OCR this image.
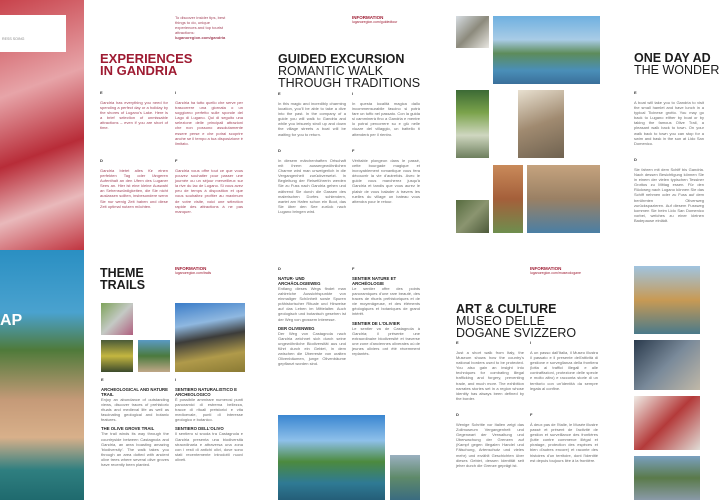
RESS SOING
AP
To discover insider tips, best things to do, unique experiences and top tourist attractions:
luganoregion.com/gandria
EXPERIENCES
IN GANDRIA
E
Gandria has everything you need for spending a perfect day or a holiday by the shores of Lugano's Lake. Here is a brief selection of unmissable attractions – even if you are short of time.
I
Gandria ha tutto quello che serve per trascorrere una giornata o un soggiorno perfetto sulle sponde del Lago di Lugano. Qui di seguito una selezione delle principali attrazioni che non possono assolutamente essere perse e che potrai scoprire anche se il tempo a tua disposizione è limitato.
D
Gandria bietet alles für einen perfekten Tag oder längeren Aufenthalt an den Ufern des Luganer Sees an. Hier ist eine kleine Auswahl an Sehenswürdigkeiten, die Sie nicht auslassen sollten, insbesondere wenn Sie nur wenig Zeit haben und diese Zeit optimal nutzen möchten.
F
Gandria vous offre tout ce que vous pouvez souhaiter pour passer une journée ou un séjour merveilleux sur la rive du lac de Lugano. Si vous avez peu de temps à disposition et que vous souhaitez profiter au maximum de votre visite, voici une sélection rapide des attractions à ne pas manquer.
INFORMATION
luganoregion.com/guidedtour
GUIDED EXCURSION
ROMANTIC WALK
THROUGH TRADITIONS
E
In this magic and incredibly charming location, you'll be able to take a dive into the past. In the company of a guide you will walk to Gandria and while you leisurely stroll up and down the village streets a boat will be waiting for you to return.
I
In questa località magica dallo incommensurabile fascino si potrà fare un tuffo nel passato. Con la guida si camminerà fino a Gandria e mentre lo potrai percorrere su e giù nelle viuzze del villaggio, un battello ti attenderà per il rientro.
D
In diesem märchenhaften Ortschaft mit ihrem aussergewöhnlichen Charme wird man unweigerlich in die Vergangenheit zurückversetzt. In Begleitung der Reiseführerin werden Sie zu Fuss nach Gandria gehen und während Sie durch die Gassen des malerischen Dorfes schlendern, wartet am Hafen schon ein Boot, das Sie über den See zurück nach Lugano bringen wird.
F
Véritable plongeon dans le passé, cette bourgade magique et incroyablement romantique vous fera découvrir la vie d'autrefois. Avec le guide vous marcherez jusqu'à Gandria et tandis que vous aurez le plaisir de vous balader à travers les ruelles du village un bateau vous attendra pour le retour.
ONE DAY AD
THE WONDER
E
A boat will take you to Gandria to visit the small hamlet and have lunch in a typical Ticinese grotto. You may go back to Lugano either by boat or by taking the famous Olive Trail, a pleasant walk back to town. On your walk back to town you can stop for a swim and bask in the sun at Lido San Domenico.
D
Sie fahren mit dem Schiff bis Gandria. Nach dessen Besichtigung können Sie in einem der vielen typischen Tessiner Grottos zu Mittag essen. Für den Rückweg nach Lugano können Sie das Schiff nehmen oder zu Fuss auf dem berühmten Olivenweg zurückspazieren. Auf diesem Fussweg kommen Sie beim Lido San Domenico vorbei, welches zu einer kleinen Badepause einlädt.
THEME
TRAILS
INFORMATION
luganoregion.com/trails
E
ARCHEOLOGICAL AND NATURE TRAIL
Enjoy an abundance of outstanding views, discover traces of prehistoric rituals and medieval life as well as fascinating geological and botanic features.
THE OLIVE GROVE TRAIL
The trail winds its way through the countryside between Castagnola and Gandria, an area boasting amazing 'biodiversity'. The walk takes you through an area dotted with ancient olive trees where several olive groves have recently been planted.
I
SENTIERO NATURALISTICO E ARCHEOLOGICO
È possibile ammirare numerosi punti panoramici di estrema bellezza, tracce di rituali preistorici e vita medioevale, punti di interesse geologico e botanico.
SENTIERO DELL'OLIVO
Il sentiero si snoda tra Castagnola e Gandria presenta una biodiversità straordinaria e attraversa una zona con i resti di antichi olivi, dove sono stati recentemente introdotti nuovi oliveti.
D
NATUR- UND ARCHÄOLOGIEWEG
Entlang dieses Wegs findet man zahlreiche Aussichtspunkte von einmaliger Schönheit sowie Spuren prähistorischer Rituale und Hinweise auf das Leben im Mittelalter. Auch geologisch und botanisch gesehen ist der Weg von grossem Interesse.
DER OLIVENWEG
Der Weg von Castagnola nach Gandria zeichnet sich durch seine ungewöhnliche Biodiversität aus und führt durch ein Gebiet, in dem zwischen die Überreste von uralten Olivenbäumen, junge Olivenbäume gepflanzt worden sind.
F
SENTIER NATURE ET ARCHÉOLOGIE
Le sentier offre des points panoramiques d'une rare beauté, des traces de rituels préhistoriques et de vie moyenâgeuse, et des éléments géologiques et botaniques de grand intérêt.
SENTIER DE L'OLIVIER
Le sentier va de Castagnola à Gandria; il présente une extraordinaire biodiversité et traverse une zone d'anciennes oliveraies où de jeunes oliviers ont été récemment replantés.
INFORMATION
luganoregion.com/museodogane
ART & CULTURE
MUSEO DELLE
DOGANE SVIZZERO
E
Just a short walk from Italy, the Museum shows how the country's national borders used to be protected. You also gain an insight into techniques for combating illegal trafficking and forgery, preventing trade, and much more. The exhibition narrates stories set in a region whose identity has always been defined by the border.
I
A un passo dall'Italia, il Museo illustra il passato e il presente dell'attività di gestione e sorveglianza della frontiera (lotta ai traffici illegali e alle contraffazioni, protezione delle specie e molto altro) e racconta storie di un territorio con un'identità da sempre legata al confine.
D
Wenige Schritte vor Italien zeigt das Zollmuseum Vergangenheit und Gegenwart der Verwaltung und Überwachung der Grenzen auf (Kampf gegen illegalen Handel und Fälschung, Artenschutz und vieles mehr) und erzählt Geschichten über dieses Gebiet, dessen Identität seit jeher durch die Grenze geprägt ist.
F
À deux pas de l'Italie, le Musée illustre passé et présent de l'activité de gestion et surveillance des frontières (lutte contre commerce illégal et piratage, protection des espèces et bien d'autres encore) et raconte des histoires d'un territoire, dont l'identité est depuis toujours liée à la frontière.
